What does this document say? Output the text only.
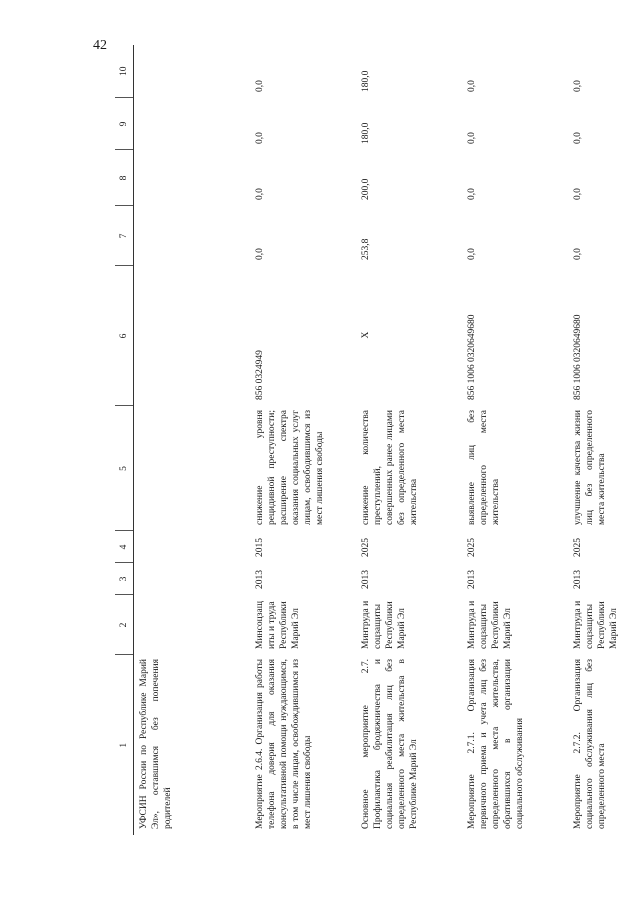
42
1	2	3	4	5	6	7	8	9	10
УФСИН России по Республике Марий Эл», оставшимся без попечения родителей									
Мероприятие 2.6.4. Организация работы телефона доверия для оказания консультативной помощи нуждающимся, в том числе лицам, освобождившимся из мест лишения свободы	Минсоцзащиты и труда Республики Марий Эл	2013	2015	снижение уровня рецидивной преступности; расширение спектра оказания социальных услуг лицам, освободившимся из мест лишения свободы	856 0324949	0,0	0,0	0,0	0,0
Основное мероприятие 2.7. Профилактика бродяжничества и социальная реабилитация лиц без определенного места жительства в Республике Марий Эл	Минтруда и соцзащиты Республики Марий Эл	2013	2025	снижение количества преступлений, совершенных ранее лицами без определенного места жительства	X	253,8	200,0	180,0	180,0
Мероприятие 2.7.1. Организация первичного приема и учета лиц без определенного места жительства, обратившихся в организации социального обслуживания	Минтруда и соцзащиты Республики Марий Эл	2013	2025	выявление лиц без определенного места жительства	856 1006 0320649680	0,0	0,0	0,0	0,0
Мероприятие 2.7.2. Организация социального обслуживания лиц без определенного места	Минтруда и соцзащиты Республики Марий Эл	2013	2025	улучшение качества жизни лиц без определенного места жительства	856 1006 0320649680	0,0	0,0	0,0	0,0
